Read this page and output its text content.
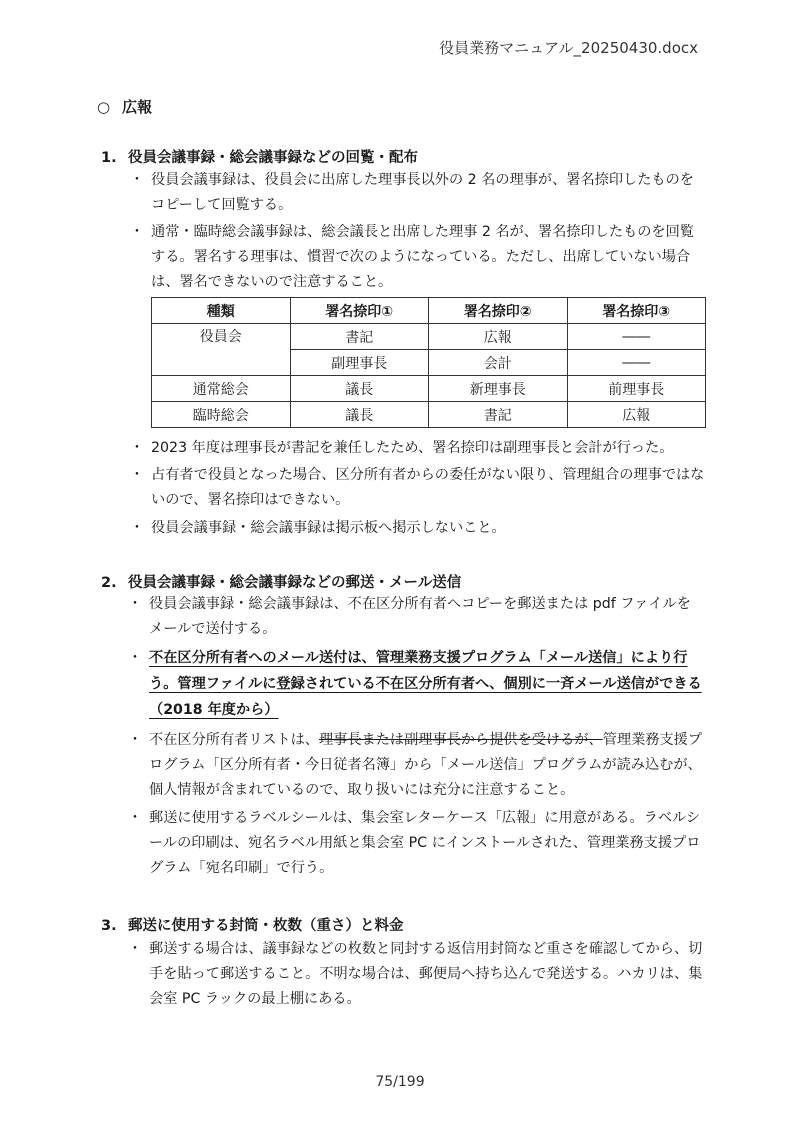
役員業務マニュアル_20250430.docx
○ 広報
1. 役員会議事録・総会議事録などの回覧・配布
・ 役員会議事録は、役員会に出席した理事長以外の 2 名の理事が、署名捺印したものをコピーして回覧する。
・ 通常・臨時総会議事録は、総会議長と出席した理事 2 名が、署名捺印したものを回覧する。署名する理事は、慣習で次のようになっている。ただし、出席していない場合は、署名できないので注意すること。
種類	署名捺印①	署名捺印②	署名捺印③
役員会	書記	広報	――
	副理事長	会計	――
通常総会	議長	新理事長	前理事長
臨時総会	議長	書記	広報
・ 2023 年度は理事長が書記を兼任したため、署名捺印は副理事長と会計が行った。
・ 占有者で役員となった場合、区分所有者からの委任がない限り、管理組合の理事ではないので、署名捺印はできない。
・ 役員会議事録・総会議事録は掲示板へ掲示しないこと。
2. 役員会議事録・総会議事録などの郵送・メール送信
・ 役員会議事録・総会議事録は、不在区分所有者へコピーを郵送または pdf ファイルをメールで送付する。
・ 不在区分所有者へのメール送付は、管理業務支援プログラム「メール送信」により行う。管理ファイルに登録されている不在区分所有者へ、個別に一斉メール送信ができる（2018 年度から）
・ 不在区分所有者リストは、理事長または副理事長から提供を受けるが、管理業務支援プログラム「区分所有者・今日従者名簿」から「メール送信」プログラムが読み込むが、個人情報が含まれているので、取り扱いには充分に注意すること。
・ 郵送に使用するラベルシールは、集会室レターケース「広報」に用意がある。ラベルシールの印刷は、宛名ラベル用紙と集会室 PC にインストールされた、管理業務支援プログラム「宛名印刷」で行う。
3. 郵送に使用する封筒・枚数（重さ）と料金
・ 郵送する場合は、議事録などの枚数と同封する返信用封筒など重さを確認してから、切手を貼って郵送すること。不明な場合は、郵便局へ持ち込んで発送する。ハカリは、集会室 PC ラックの最上棚にある。
75/199
